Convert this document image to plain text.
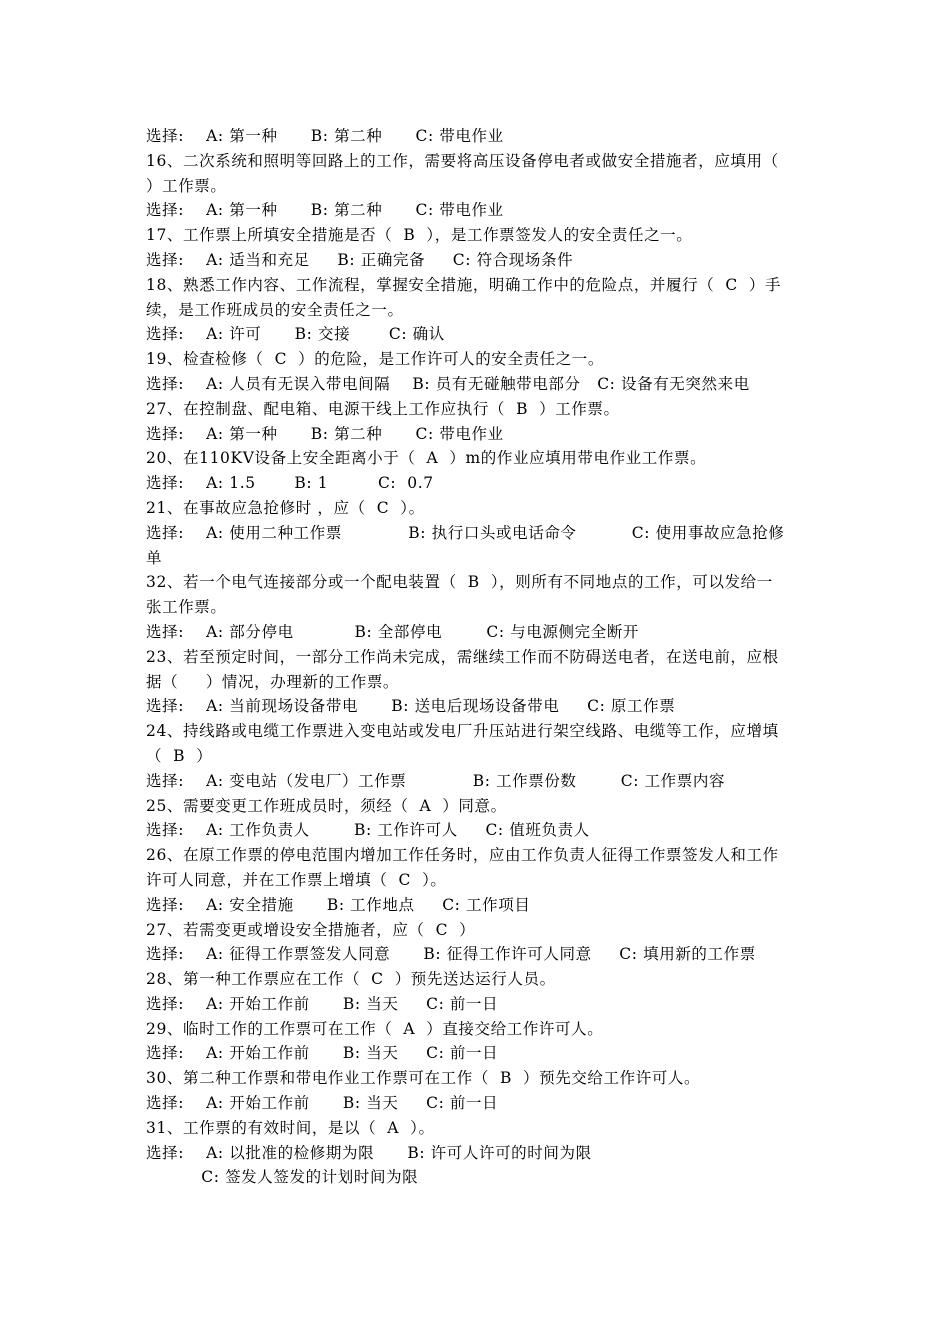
选择:    A: 第一种      B: 第二种      C: 带电作业
16、二次系统和照明等回路上的工作，需要将高压设备停电者或做安全措施者，应填用（
）工作票。
选择:    A: 第一种      B: 第二种      C: 带电作业
17、工作票上所填安全措施是否（  B  ），是工作票签发人的安全责任之一。
选择:    A: 适当和充足     B: 正确完备     C: 符合现场条件
18、熟悉工作内容、工作流程，掌握安全措施，明确工作中的危险点，并履行（  C  ）手
续，是工作班成员的安全责任之一。
选择:    A: 许可      B: 交接       C: 确认
19、检查检修（  C  ）的危险，是工作许可人的安全责任之一。
选择:    A: 人员有无误入带电间隔    B: 员有无碰触带电部分   C: 设备有无突然来电
27、在控制盘、配电箱、电源干线上工作应执行（  B  ）工作票。
选择:    A: 第一种      B: 第二种      C: 带电作业
20、在110KV设备上安全距离小于（  A  ）m的作业应填用带电作业工作票。
选择:    A: 1.5       B: 1         C:  0.7
21、在事故应急抢修时 ，应（  C  ）。
选择:    A: 使用二种工作票            B: 执行口头或电话命令          C: 使用事故应急抢修
单
32、若一个电气连接部分或一个配电装置（  B  ），则所有不同地点的工作，可以发给一
张工作票。
选择:    A: 部分停电           B: 全部停电        C: 与电源侧完全断开
23、若至预定时间，一部分工作尚未完成，需继续工作而不防碍送电者，在送电前，应根
据（     ）情况，办理新的工作票。
选择:    A: 当前现场设备带电      B: 送电后现场设备带电     C: 原工作票
24、持线路或电缆工作票进入变电站或发电厂升压站进行架空线路、电缆等工作，应增填
（  B  ）
选择:    A: 变电站（发电厂）工作票            B: 工作票份数        C: 工作票内容
25、需要变更工作班成员时，须经（  A  ）同意。
选择:    A: 工作负责人        B: 工作许可人     C: 值班负责人
26、在原工作票的停电范围内增加工作任务时，应由工作负责人征得工作票签发人和工作
许可人同意，并在工作票上增填（  C  ）。
选择:    A: 安全措施      B: 工作地点     C: 工作项目
27、若需变更或增设安全措施者，应（  C  ）
选择:    A: 征得工作票签发人同意      B: 征得工作许可人同意     C: 填用新的工作票
28、第一种工作票应在工作（  C  ）预先送达运行人员。
选择:    A: 开始工作前      B: 当天     C: 前一日
29、临时工作的工作票可在工作（  A  ）直接交给工作许可人。
选择:    A: 开始工作前      B: 当天     C: 前一日
30、第二种工作票和带电作业工作票可在工作（  B  ）预先交给工作许可人。
选择:    A: 开始工作前      B: 当天     C: 前一日
31、工作票的有效时间，是以（  A  ）。
选择:    A: 以批准的检修期为限      B: 许可人许可的时间为限
C: 签发人签发的计划时间为限
